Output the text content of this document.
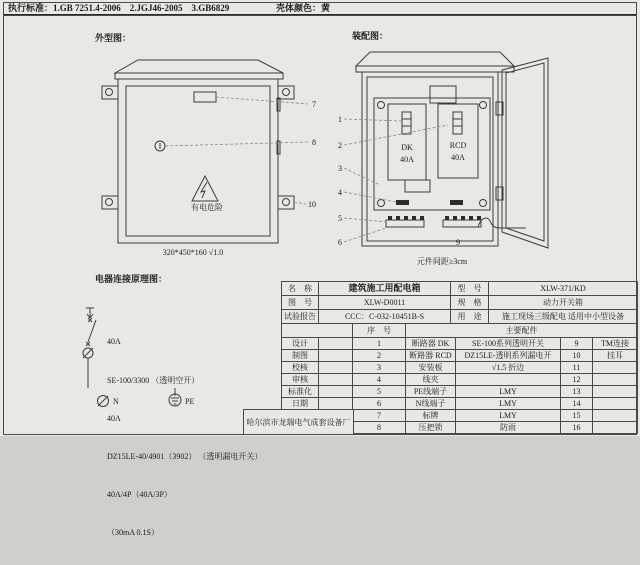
执行标准：1.GB 7251.4-2006    2.JGJ46-2005    3.GB6829	壳体颜色：黄
外型图：	装配图：
有电危险
7
8
10
320*450*160 √1.0
DK
40A
RCD
40A
1
2
3
4
5
6	9
元件间距≥3cm
电器连接原理图：
N	PE

40A

SE-100/3300 （透明空开）

40A

DZ15LE-40/4901（3902） （透明漏电开关）

40A/4P（40A/3P）

（30mA 0.1S）

名　称	建筑施工用配电箱	型　号	XLW-371/KD
图　号	XLW-D0011	规　格	动力开关箱
试验报告	CCC：C-032-10451B-S	用　途	施工现场三级配电 适用中小型设备
		序　号	主要配件			
设计		1	断路器 DK	SE-100系列透明开关	9	TM连接
制图		2	断路器 RCD	DZ15LE-透明系列漏电开	10	挂耳
校核		3	安装板	√1.5 折边	11	
审核		4	线夹		12	
标准化		5	PE线端子	LMY	13	
日期		6	N线端子	LMY	14	
		7	标牌	LMY	15	
		8	压把锁	防雨	16	
哈尔滨市龙瑞电气成套设备厂
